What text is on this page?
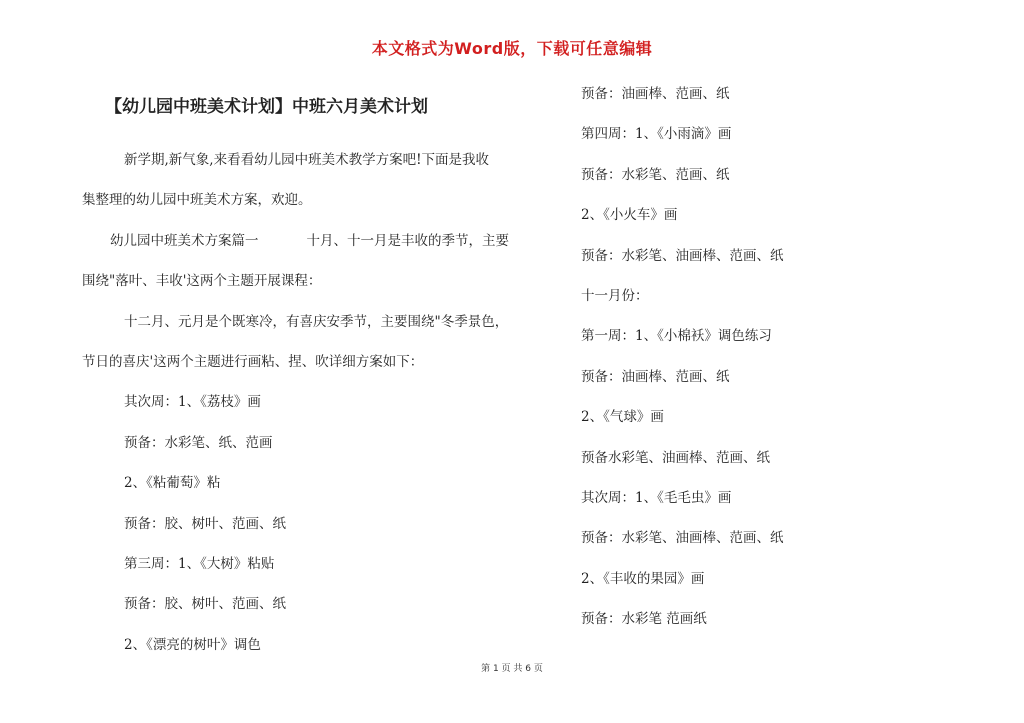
本文格式为Word版，下载可任意编辑
【幼儿园中班美术计划】中班六月美术计划
新学期,新气象,来看看幼儿园中班美术教学方案吧!下面是我收
集整理的幼儿园中班美术方案，欢迎。
幼儿园中班美术方案篇一	十月、十一月是丰收的季节，主要
围绕"落叶、丰收'这两个主题开展课程：
十二月、元月是个既寒冷，有喜庆安季节，主要围绕"冬季景色，
节日的喜庆'这两个主题进行画粘、捏、吹详细方案如下：
其次周：1、《荔枝》画
预备：水彩笔、纸、范画
2、《粘葡萄》粘
预备：胶、树叶、范画、纸
第三周：1、《大树》粘贴
预备：胶、树叶、范画、纸
2、《漂亮的树叶》调色
预备：油画棒、范画、纸
第四周：1、《小雨滴》画
预备：水彩笔、范画、纸
2、《小火车》画
预备：水彩笔、油画棒、范画、纸
十一月份：
第一周：1、《小棉袄》调色练习
预备：油画棒、范画、纸
2、《气球》画
预备水彩笔、油画棒、范画、纸
其次周：1、《毛毛虫》画
预备：水彩笔、油画棒、范画、纸
2、《丰收的果园》画
预备：水彩笔 范画纸
第 1 页 共 6 页
